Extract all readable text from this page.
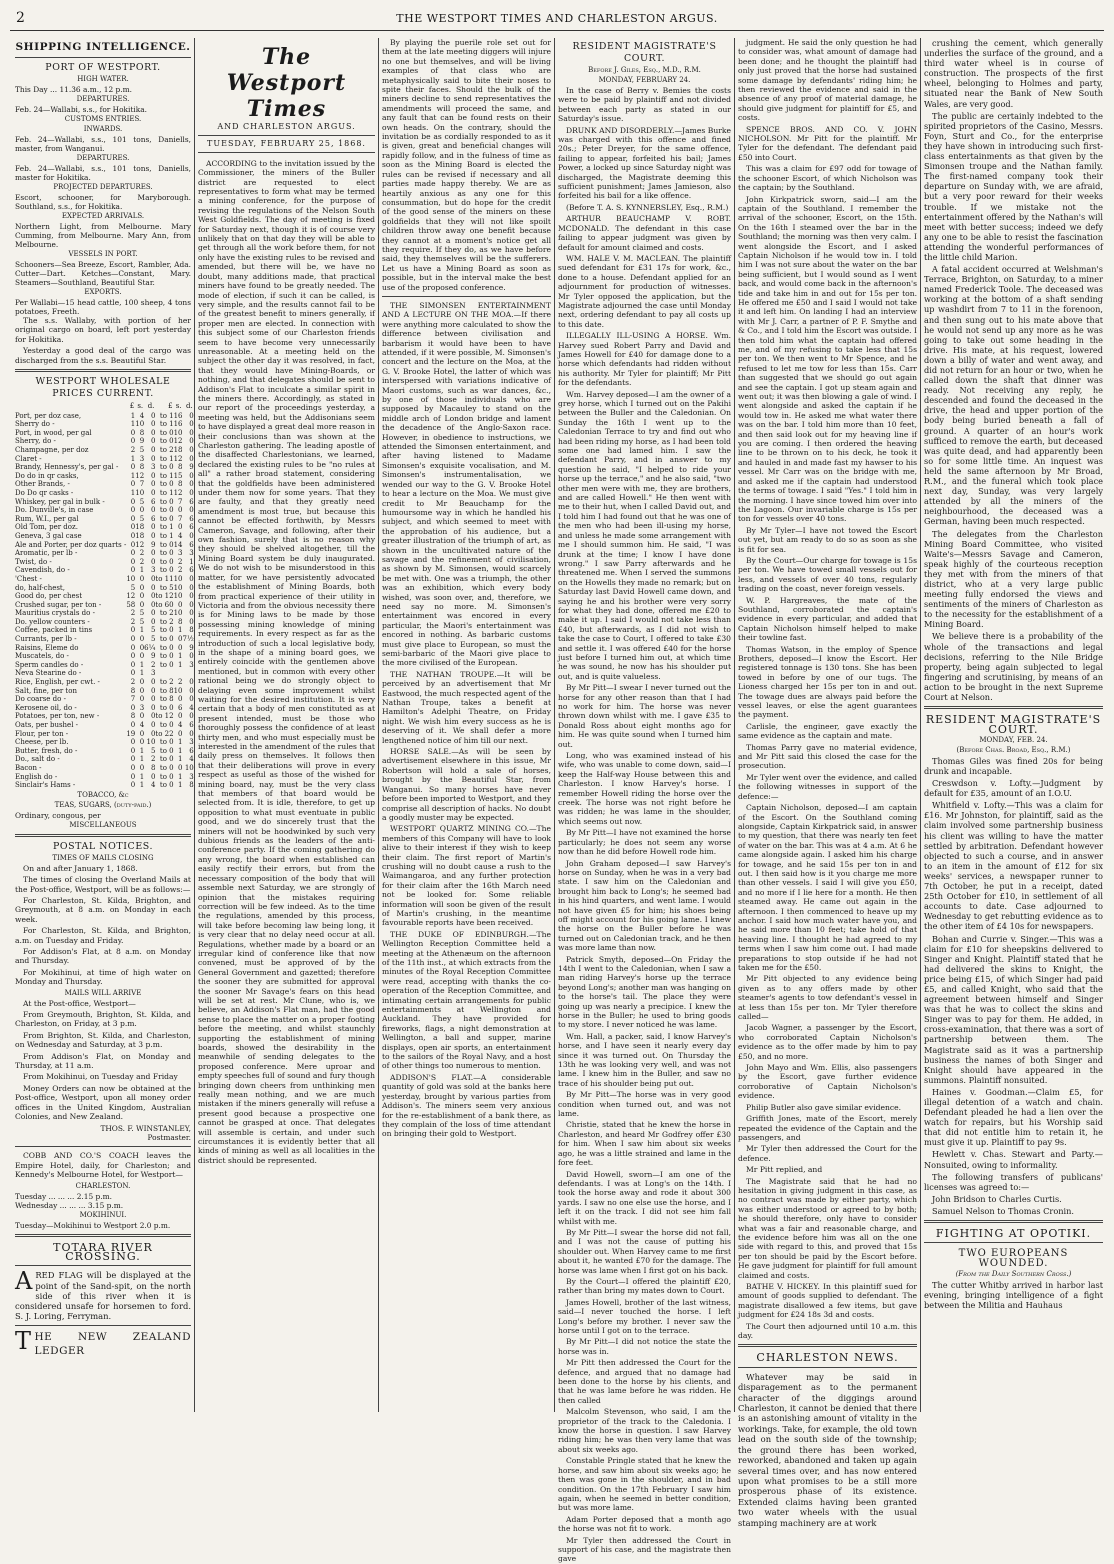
2	THE WESTPORT TIMES AND CHARLESTON ARGUS.
SHIPPING INTELLIGENCE.
PORT OF WESTPORT.
HIGH WATER.
This Day ... 11.36 a.m., 12 p.m.
DEPARTURES.
Feb. 24—Wallabi, s.s., for Hokitika.
CUSTOMS ENTRIES.
INWARDS.
Feb. 24—Wallabi, s.s., 101 tons, Daniells, master, from Wanganui.
DEPARTURES.
Feb. 24—Wallabi, s.s., 101 tons, Daniells, master for Hokitika.
PROJECTED DEPARTURES.
Escort, schooner, for Maryborough. Southland, s.s., for Hokitika.
EXPECTED ARRIVALS.
Northern Light, from Melbourne. Mary Cumming, from Melbourne. Mary Ann, from Melbourne.
VESSELS IN PORT.
Schooners—Sea Breeze, Escort, Rambler, Ada. Cutter—Dart. Ketches—Constant, Mary. Steamers—Southland, Beautiful Star.
EXPORTS.
Per Wallabi—15 head cattle, 100 sheep, 4 tons potatoes, Freeth.

The s.s. Wallaby, with portion of her original cargo on board, left port yesterday for Hokitika.

Yesterday a good deal of the cargo was discharged from the s.s. Beautiful Star.

WESTPORT WHOLESALE PRICES CURRENT.
	£	s.	d.	£	s.	d.
Port, per doz case,	1	4	0	to 1	16	0
Sherry do -	1	10	0	to 1	16	0
Port, in wood, per gal	0	8	0	to 0	10	0
Sherry, do -	0	9	0	to 0	12	0
Champagne, per doz	2	5	0	to 2	18	0
Claret -	1	3	0	to 1	12	0
Brandy, Hennessy's, per gal -	0	8	3	to 0	8	9
Do do in qr casks,	1	12	0	to 1	15	0
Other Brands, -	0	7	0	to 0	8	0
Do Do qr casks -	1	10	0	to 1	12	0
Whiskey, per gal in bulk -	0	5	6	to 0	7	6
Do. Dunville's, in case	0	0	0	to 0	0	0
Rum, W.I., per gal	0	5	6	to 0	7	6
Old Tom, per doz.	0	18	0	to 1	0	6
Geneva, 3 gal case	0	18	0	to 1	4	0
Ale and Porter, per doz quarts -	0	12	9	to 0	14	6
Aromatic, per lb -	0	2	0	to 0	3	3
Twist, do -	0	2	0	to 0	2	1
Cavendish, do -	0	1	3	to 0	2	6
'Chest -	10	0	0	to 11	10	0
do, half-chest,	5	0	0	to 5	10	0
Good do, per chest	12	0	0	to 12	10	0
Crushed sugar, per ton -	58	0	0	to 60	0	0
Mauritius crystals do -	2	5	0	to 2	10	0
Do. yellow counters -	2	5	0	to 2	8	0
Coffee, packed in tins	0	1	5	to 0	1	8
Currants, per lb -	0	0	5	to 0	0	7½
Raisins, Eleme do	0	0	6¼	to 0	0	9
Muscatels, do -	0	0	9	to 0	1	0
Sperm candles do -	0	1	2	to 0	1	3
Neva Stearine do -	0	1	3			
Rice, English, per cwt. -	2	0	0	to 2	2	0
Salt, fine, per ton	8	0	0	to 8	10	0
Do coarse do -	7	0	0	to 8	0	0
Kerosene oil, do -	0	3	0	to 0	6	4
Potatoes, per ton, new -	8	0	0	to 12	0	0
Oats, per bushel -	0	4	0	to 0	4	6
Flour, per ton -	19	0	0	to 22	0	0
Cheese, per lb.	0	0	10	to 0	1	3
Butter, fresh, do -	0	1	5	to 0	1	6
Do., salt do -	0	1	2	to 0	1	4
Bacon -	0	0	8	to 0	0	10
English do -	0	1	0	to 0	1	3
Sinclair's Hams -	0	1	4	to 0	1	8
TOBACCO, &c
TEAS, SUGARS, (duty-paid.)
Ordinary, congous, per
MISCELLANEOUS
POSTAL NOTICES.
TIMES OF MAILS CLOSING

On and after January 1, 1868.

The times of closing the Overland Mails at the Post-office, Westport, will be as follows:—

For Charleston, St. Kilda, Brighton, and Greymouth, at 8 a.m. on Monday in each week.

For Charleston, St. Kilda, and Brighton, a.m. on Tuesday and Friday.

For Addison's Flat, at 8 a.m. on Monday and Thursday.

For Mokihinui, at time of high water on Monday and Thursday.

MAILS WILL ARRIVE

At the Post-office, Westport—

From Greymouth, Brighton, St. Kilda, and Charleston, on Friday, at 3 p.m.

From Brighton, St. Kilda, and Charleston, on Wednesday and Saturday, at 3 p.m.

From Addison's Flat, on Monday and Thursday, at 11 a.m.

From Mokihinui, on Tuesday and Friday

Money Orders can now be obtained at the Post-office, Westport, upon all money order offices in the United Kingdom, Australian Colonies, and New Zealand.

THOS. F. WINSTANLEY,
Postmaster.

COBB AND CO.'S COACH leaves the Empire Hotel, daily, for Charleston; and Kennedy's Melbourne Hotel, for Westport—

CHARLESTON.
Tuesday ... ... ... 2.15 p.m.
Wednesday ... ... ... 3.15 p.m.
MOKIHINUI.
Tuesday—Mokihinui to Westport 2.0 p.m.
TOTARA RIVER CROSSING.
A RED FLAG will be displayed at the point of the Sand-spit, on the north side of this river when it is considered unsafe for horsemen to ford. S. J. Loring, Ferryman.
T HE NEW ZEALAND LEDGER
The Westport Times
AND CHARLESTON ARGUS.
TUESDAY, FEBRUARY 25, 1868.

ACCORDING to the invitation issued by the Commissioner, the miners of the Buller district are requested to elect representatives to form what may be termed a mining conference, for the purpose of revising the regulations of the Nelson South West Goldfields. The day of meeting is fixed for Saturday next, though it is of course very unlikely that on that day they will be able to get through all the work before them, for not only have the existing rules to be revised and amended, but there will be, we have no doubt, many additions made, that practical miners have found to be greatly needed. The mode of election, if such it can be called, is very simple, and the results cannot fail to be of the greatest benefit to miners generally, if proper men are elected. In connection with this subject some of our Charleston friends seem to have become very unnecessarily unreasonable. At a meeting held on the subject the other day it was resolved, in fact, that they would have Mining-Boards, or nothing, and that delegates should be sent to Addison's Flat to inculcate a similar spirit in the miners there. Accordingly, as stated in our report of the proceedings yesterday, a meeting was held, but the Addisonians seem to have displayed a great deal more reason in their conclusions than was shown at the Charleston gathering. The leading apostle of the disaffected Charlestonians, we learned, declared the existing rules to be "no rules at all" a rather broad statement, considering that the goldfields have been administered under them now for some years. That they are faulty, and that they greatly need amendment is most true, but because this cannot be effected forthwith, by Messrs Cameron, Savage, and following, after their own fashion, surely that is no reason why they should be shelved altogether, till the Mining Board system be duly inaugurated. We do not wish to be misunderstood in this matter, for we have persistently advocated the establishment of Mining Boards, both from practical experience of their utility in Victoria and from the obvious necessity there is for Mining laws to be made by those possessing mining knowledge of mining requirements. In every respect as far as the introduction of such a local legislative body, in the shape of a mining board goes, we entirely coincide with the gentlemen above mentioned, but in common with every other rational being we do strongly object to delaying even some improvement whilst waiting for the desired institution. It is very certain that a body of men constituted as at present intended, must be those who thoroughly possess the confidence of at least thirty men, and who must especially must be interested in the amendment of the rules that daily press on themselves. It follows then that their deliberations will prove in every respect as useful as those of the wished for mining board, nay, must be the very class that members of that board would be selected from. It is idle, therefore, to get up opposition to what must eventuate in public good, and we do sincerely trust that the miners will not be hoodwinked by such very dubious friends as the leaders of the anti-conference party. If the coming gathering do any wrong, the board when established can easily rectify their errors, but from the necessary composition of the body that will assemble next Saturday, we are strongly of opinion that the mistakes requiring correction will be few indeed. As to the time the regulations, amended by this process, will take before becoming law being long, it is very clear that no delay need occur at all. Regulations, whether made by a board or an irregular kind of conference like that now convened, must be approved of by the General Government and gazetted; therefore the sooner they are submitted for approval the sooner Mr Savage's fears on this head will be set at rest. Mr Clune, who is, we believe, an Addison's Flat man, had the good sense to place the matter on a proper footing before the meeting, and whilst staunchly supporting the establishment of mining boards, showed the desirability in the meanwhile of sending delegates to the proposed conference. Mere uproar and empty speeches full of sound and fury though bringing down cheers from unthinking men really mean nothing, and we are much mistaken if the miners generally will refuse a present good because a prospective one cannot be grasped at once. That delegates will assemble is certain, and under such circumstances it is evidently better that all kinds of mining as well as all localities in the district should be represented.

By playing the puerile role set out for them at the late meeting diggers will injure no one but themselves, and will be living examples of that class who are metaphysically said to bite their noses to spite their faces. Should the bulk of the miners decline to send representatives the amendments will proceed the same, and any fault that can be found rests on their own heads. On the contrary, should the invitation be as cordially responded to as it is given, great and beneficial changes will rapidly follow, and in the fulness of time as soon as the Mining Board is elected the rules can be revised if necessary and all parties made happy thereby. We are as heartily anxious as any one for this consummation, but do hope for the credit of the good sense of the miners on these goldfields that they will not like spoilt children throw away one benefit because they cannot at a moment's notice get all they require. If they do, as we have before said, they themselves will be the sufferers. Let us have a Mining Board as soon as possible, but in the interval make the best use of the proposed conference.

THE SIMONSEN ENTERTAINMENT AND A LECTURE ON THE MOA.—If there were anything more calculated to show the difference between civilisation and barbarism it would have been to have attended, if it were possible, M. Simonsen's concert and the lecture on the Moa, at the G. V. Brooke Hotel, the latter of which was interspersed with variations indicative of Maori customs, such as war dances, &c., by one of those individuals who are supposed by Macauley to stand on the middle arch of London bridge and lament the decadence of the Anglo-Saxon race. However, in obedience to instructions, we attended the Simonsen entertainment, and after having listened to Madame Simonsen's exquisite vocalisation, and M. Simonsen's instrumentalisation, we wended our way to the G. V. Brooke Hotel to hear a lecture on the Moa. We must give credit to Mr Beauchamp for the humoursome way in which he handled his subject, and which seemed to meet with the approbation of his audience, but a greater illustration of the triumph of art, as shown in the uncultivated nature of the savage and the refinement of civilisation, as shown by M. Simonsen, would scarcely be met with. One was a triumph, the other was an exhibition, which every body wished, was soon over, and, therefore, we need say no more. M. Simonsen's entertainment was encored in every particular, the Maori's entertainment was encored in nothing. As barbaric customs must give place to European, so must the semi-barbaric of the Maori give place to the more civilised of the European.

THE NATHAN TROUPE.—It will be perceived by an advertisement that Mr Eastwood, the much respected agent of the Nathan Troupe, takes a benefit at Hamilton's Adelphi Theatre, on Friday night. We wish him every success as he is deserving of it. We shall defer a more lengthened notice of him till our next.

HORSE SALE.—As will be seen by advertisement elsewhere in this issue, Mr Robertson will hold a sale of horses, brought by the Beautiful Star, from Wanganui. So many horses have never before been imported to Westport, and they comprise all description of hacks. No doubt a goodly muster may be expected.

WESTPORT QUARTZ MINING CO.—The members of this Company will have to look alive to their interest if they wish to keep their claim. The first report of Martin's crushing will no doubt cause a rush to the Waimangaroa, and any further protection for their claim after the 16th March need not be looked for. Some reliable information will soon be given of the result of Martin's crushing, in the meantime favourable reports have been received.

THE DUKE OF EDINBURGH.—The Wellington Reception Committee held a meeting at the Athenæum on the afternoon of the 11th inst., at which extracts from the minutes of the Royal Reception Committee were read, accepting with thanks the co-operation of the Reception Committee, and intimating certain arrangements for public entertainments at Wellington and Auckland. They have provided for fireworks, flags, a night demonstration at Wellington, a ball and supper, marine displays, open air sports, an entertainment to the sailors of the Royal Navy, and a host of other things too numerous to mention.

ADDISON'S FLAT.—A considerable quantity of gold was sold at the banks here yesterday, brought by various parties from Addison's. The miners seem very anxious for the re-establishment of a bank there, as they complain of the loss of time attendant on bringing their gold to Westport.

RESIDENT MAGISTRATE'S COURT.
Before J. Giles, Esq., M.D., R.M.
MONDAY, FEBRUARY 24.

In the case of Berry v. Bemies the costs were to be paid by plaintiff and not divided between each party as stated in our Saturday's issue.

DRUNK AND DISORDERLY.—James Burke was charged with this offence and fined 20s.; Peter Dreyer, for the same offence, failing to appear, forfeited his bail; James Power, a locked up since Saturday night was discharged, the Magistrate deeming this sufficient punishment; James Jamieson, also forfeited his bail for a like offence.

(Before T. A. S. KYNNERSLEY, Esq., R.M.)

ARTHUR BEAUCHAMP V. ROBT. MCDONALD. The defendant in this case failing to appear judgment was given by default for amount claimed and costs.

WM. HALE V. M. MACLEAN. The plaintiff sued defendant for £31 17s for work, &c., done to a house. Defendant applied for an adjournment for production of witnesses. Mr Tyler opposed the application, but the Magistrate adjourned the case until Monday next, ordering defendant to pay all costs up to this date.

ILLEGALLY ILL-USING A HORSE. Wm. Harvey sued Robert Parry and David and James Howell for £40 for damage done to a horse which defendants had ridden without his authority. Mr Tyler for plaintiff; Mr Pitt for the defendants.

Wm. Harvey deposed—I am the owner of a grey horse, which I turned out on the Pakihi between the Buller and the Caledonian. On Sunday the 16th I went up to the Caledonian Terrace to try and find out who had been riding my horse, as I had been told some one had lamed him. I saw the defendant Parry, and in answer to my question he said, "I helped to ride your horse up the terrace," and he also said, "two other men were with me, they are brothers, and are called Howell." He then went with me to their hut, when I called David out, and I told him I had found out that he was one of the men who had been ill-using my horse, and unless he made some arrangement with me I should summon him. He said, "I was drunk at the time; I know I have done wrong." I saw Parry afterwards and he threatened me. When I served the summons on the Howells they made no remark; but on Saturday last David Howell came down, and saying he and his brother were very sorry for what they had done, offered me £20 to make it up. I said I would not take less than £40, but afterwards, as I did not wish to take the case to Court, I offered to take £30 and settle it. I was offered £40 for the horse just before I turned him out, at which time he was sound, he now has his shoulder put out, and is quite valueless.

By Mr Pitt—I swear I never turned out the horse for any other reason than that I had no work for him. The horse was never thrown down whilst with me. I gave £35 to Donald Ross about eight months ago for him. He was quite sound when I turned him out.

Long, who was examined instead of his wife, who was unable to come down, said—I keep the Half-way House between this and Charleston. I know Harvey's horse. I remember Howell riding the horse over the creek. The horse was not right before he was ridden; he was lame in the shoulder, which seems out now.

By Mr Pitt—I have not examined the horse particularly; he does not seem any worse now than he did before Howell rode him.

John Graham deposed—I saw Harvey's horse on Sunday, when he was in a very bad state. I saw him on the Caledonian and brought him back to Long's; he seemed bad in his hind quarters, and went lame. I would not have given £5 for him; his shoes being off might account for his going lame. I knew the horse on the Buller before he was turned out on Caledonian track, and he then was more lame than now.

Patrick Smyth, deposed—On Friday the 14th I went to the Caledonian, when I saw a man riding Harvey's horse up the terrace beyond Long's; another man was hanging on to the horse's tail. The place they were going up was nearly a precipice. I knew the horse in the Buller; he used to bring goods to my store. I never noticed he was lame.

Wm. Hall, a packer, said, I know Harvey's horse, and I have seen it nearly every day since it was turned out. On Thursday the 13th he was looking very well, and was not lame. I knew him in the Buller, and saw no trace of his shoulder being put out.

By Mr Pitt—The horse was in very good condition when turned out, and was not lame.

Christie, stated that he knew the horse in Charleston, and heard Mr Godfrey offer £30 for him. When I saw him about six weeks ago, he was a little strained and lame in the fore feet.

David Howell, sworn—I am one of the defendants. I was at Long's on the 14th. I took the horse away and rode it about 300 yards. I saw no one else use the horse, and I left it on the track. I did not see him fall whilst with me.

By Mr Pitt—I swear the horse did not fall, and I was not the cause of putting his shoulder out. When Harvey came to me first about it, he wanted £70 for the damage. The horse was lame when I first got on his back.

By the Court—I offered the plaintiff £20, rather than bring my mates down to Court.

James Howell, brother of the last witness, said—I never touched the horse. I left Long's before my brother. I never saw the horse until I got on to the terrace.

By Mr Pitt—I did not notice the state the horse was in.

Mr Pitt then addressed the Court for the defence, and argued that no damage had been done to the horse by his clients, and that he was lame before he was ridden. He then called

Malcolm Stevenson, who said, I am the proprietor of the track to the Caledonia. I know the horse in question. I saw Harvey riding him; he was then very lame that was about six weeks ago.

Constable Pringle stated that he knew the horse, and saw him about six weeks ago; he then was gone in the shoulder, and in bad condition. On the 17th February I saw him again, when he seemed in better condition, but was more lame.

Adam Porter deposed that a month ago the horse was not fit to work.

Mr Tyler then addressed the Court in support of his case, and the magistrate then gave

judgment. He said the only question he had to consider was, what amount of damage had been done; and he thought the plaintiff had only just proved that the horse had sustained some damage by defendants' riding him; he then reviewed the evidence and said in the absence of any proof of material damage, he should give judgment for plaintiff for £5, and costs.

SPENCE BROS. AND CO. V. JOHN NICHOLSON. Mr Pitt for the plaintiff. Mr Tyler for the defendant. The defendant paid £50 into Court.

This was a claim for £97 odd for towage of the schooner Escort, of which Nicholson was the captain; by the Southland.

John Kirkpatrick sworn, said—I am the captain of the Southland. I remember the arrival of the schooner, Escort, on the 15th. On the 16th I steamed over the bar in the Southland; the morning was then very calm. I went alongside the Escort, and I asked Captain Nicholson if he would tow in. I told him I was not sure about the water on the bar being sufficient, but I would sound as I went back, and would come back in the afternoon's tide and take him in and out for 15s per ton. He offered me £50 and I said I would not take it and left him. On landing I had an interview with Mr J. Carr, a partner of P. F. Smythe and & Co., and I told him the Escort was outside. I then told him what the captain had offered me, and of my refusing to take less that 15s per ton. We then went to Mr Spence, and he refused to let me tow for less than 15s. Carr than suggested that we should go out again and see the captain. I got up steam again and went out; it was then blowing a gale of wind. I went alongside and asked the captain if he would tow in. He asked me what water there was on the bar. I told him more than 10 feet, and then said look out for my heaving line if you are coming. I then ordered the heaving line to be thrown on to his deck, he took it and hauled in and made fast my hawser to his vessel. Mr Carr was on the bridge with me, and asked me if the captain had understood the terms of towage. I said "Yes." I told him in the morning. I have since towed him over into the Lagoon. Our invariable charge is 15s per ton for vessels over 40 tons.

By Mr Tyler—I have not towed the Escort out yet, but am ready to do so as soon as she is fit for sea.

By the Court—Our charge for towage is 15s per ton. We have towed small vessels out for less, and vessels of over 40 tons, regularly trading on the coast, never foreign vessels.

W. P. Hargreaves, the mate of the Southland, corroborated the captain's evidence in every particular, and added that Captain Nicholson himself helped to make their towline fast.

Thomas Watson, in the employ of Spence Brothers, deposed—I know the Escort. Her registered tonnage is 130 tons. She has been towed in before by one of our tugs. The Lioness charged her 15s per ton in and out. The towage dues are always paid before the vessel leaves, or else the agent guarantees the payment.

Carlisle, the engineer, gave exactly the same evidence as the captain and mate.

Thomas Parry gave no material evidence, and Mr Pitt said this closed the case for the prosecution.

Mr Tyler went over the evidence, and called the following witnesses in support of the defence:—

Captain Nicholson, deposed—I am captain of the Escort. On the Southland coming alongside, Captain Kirkpatrick said, in answer to my question, that there was nearly ten feet of water on the bar. This was at 4 a.m. At 6 he came alongside again. I asked him his charge for towage, and he said 15s per ton in and out. I then said how is it you charge me more than other vessels. I said I will give you £50, and no more if I lie here for a month. He then steamed away. He came out again in the afternoon. I then commenced to heave up my anchor. I said how much water have you, and he said more than 10 feet; take hold of that heaving line. I thought he had agreed to my terms when I saw him come out. I had made preparations to stop outside if he had not taken me for the £50.

Mr Pitt objected to any evidence being given as to any offers made by other steamer's agents to tow defendant's vessel in at less than 15s per ton. Mr Tyler therefore called—

Jacob Wagner, a passenger by the Escort, who corroborated Captain Nicholson's evidence as to the offer made by him to pay £50, and no more.

John Mayo and Wm. Ellis, also passengers by the Escort, gave further evidence corroborative of Captain Nicholson's evidence.

Philip Butler also gave similar evidence.

Griffith Jones, mate of the Escort, merely repeated the evidence of the Captain and the passengers, and

Mr Tyler then addressed the Court for the defence.

Mr Pitt replied, and

The Magistrate said that he had no hesitation in giving judgment in this case, as no contract was made by either party, which was either understood or agreed to by both; he should therefore, only have to consider what was a fair and reasonable charge, and the evidence before him was all on the one side with regard to this, and proved that 15s per ton should be paid by the Escort before. He gave judgment for plaintiff for full amount claimed and costs.

BATHE V. HICKEY. In this plaintiff sued for amount of goods supplied to defendant. The magistrate disallowed a few items, but gave judgment for £24 18s 3d and costs.

The Court then adjourned until 10 a.m. this day.

CHARLESTON NEWS.

Whatever may be said in disparagement as to the permanent character of the diggings around Charleston, it cannot be denied that there is an astonishing amount of vitality in the workings. Take, for example, the old town lead on the south side of the township; the ground there has been worked, reworked, abandoned and taken up again several times over, and has now entered upon what promises to be a still more prosperous phase of its existence. Extended claims having been granted two water wheels with the usual stamping machinery are at work

crushing the cement, which generally underlies the surface of the ground, and a third water wheel is in course of construction. The prospects of the first wheel, belonging to Holmes and party, situated near the Bank of New South Wales, are very good.

The public are certainly indebted to the spirited proprietors of the Casino, Messrs. Foyn, Sturt and Co., for the enterprise they have shown in introducing such first-class entertainments as that given by the Simonsen troupe and the Nathan family. The first-named company took their departure on Sunday with, we are afraid, but a very poor reward for their weeks trouble. If we mistake not the entertainment offered by the Nathan's will meet with better success; indeed we defy any one to be able to resist the fascination attending the wonderful performances of the little child Marion.

A fatal accident occurred at Welshman's Terrace, Brighton, on Saturday, to a miner named Frederick Toole. The deceased was working at the bottom of a shaft sending up washdirt from 7 to 11 in the forenoon, and then sung out to his mate above that he would not send up any more as he was going to take out some heading in the drive. His mate, at his request, lowered down a billy of water and went away, and did not return for an hour or two, when he called down the shaft that dinner was ready. Not receiving any reply, he descended and found the deceased in the drive, the head and upper portion of the body being buried beneath a fall of ground. A quarter of an hour's work sufficed to remove the earth, but deceased was quite dead, and had apparently been so for some little time. An inquest was held the same afternoon by Mr Broad, R.M., and the funeral which took place next day, Sunday, was very largely attended by all the miners of the neighbourhood, the deceased was a German, having been much respected.

The delegates from the Charleston Mining Board Committee, who visited Waite's—Messrs Savage and Cameron, speak highly of the courteous reception they met with from the miners of that district, who at a very large public meeting fully endorsed the views and sentiments of the miners of Charleston as to the necessity for the establishment of a Mining Board.

We believe there is a probability of the whole of the transactions and legal decisions, referring to the Nile Bridge property, being again subjected to legal fingering and scrutinising, by means of an action to be brought in the next Supreme Court at Nelson.

RESIDENT MAGISTRATE'S COURT.
MONDAY, FEB. 24.
(Before Chas. Broad, Esq., R.M.)

Thomas Giles was fined 20s for being drunk and incapable.

Creswdson v. Lofty.—Judgment by default for £35, amount of an I.O.U.

Whitfield v. Lofty.—This was a claim for £16. Mr Johnston, for plaintiff, said as the claim involved some partnership business his client was willing to have the matter settled by arbitration. Defendant however objected to such a course, and in answer to an item in the amount of £12 for six weeks' services, a newspaper runner to 7th October, he put in a receipt, dated 25th October for £10, in settlement of all accounts to date. Case adjourned to Wednesday to get rebutting evidence as to the other item of £4 10s for newspapers.

Bohan and Currie v. Singer.—This was a claim for £10 for sheepskins delivered to Singer and Knight. Plaintiff stated that he had delivered the skins to Knight, the price being £15, of which Singer had paid £5, and called Knight, who said that the agreement between himself and Singer was that he was to collect the skins and Singer was to pay for them. He added, in cross-examination, that there was a sort of partnership between them. The Magistrate said as it was a partnership business the names of both Singer and Knight should have appeared in the summons. Plaintiff nonsuited.

Haines v. Goodman.—Claim £5, for illegal detention of a watch and chain. Defendant pleaded he had a lien over the watch for repairs, but his Worship said that did not entitle him to retain it, he must give it up. Plaintiff to pay 9s.

Hewlett v. Chas. Stewart and Party.—Nonsuited, owing to informality.

The following transfers of publicans' licenses was agreed to:—

John Bridson to Charles Curtis.

Samuel Nelson to Thomas Cronin.

FIGHTING AT OPOTIKI.
TWO EUROPEANS WOUNDED.
(From the Daily Southern Cross.)

The cutter Whitby arrived in harbor last evening, bringing intelligence of a fight between the Militia and Hauhaus
